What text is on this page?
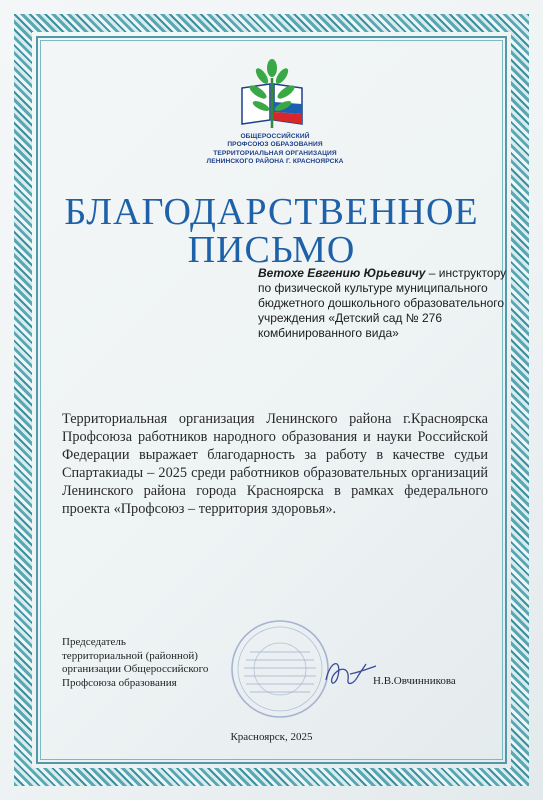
ОБЩЕРОССИЙСКИЙ
ПРОФСОЮЗ ОБРАЗОВАНИЯ
ТЕРРИТОРИАЛЬНАЯ ОРГАНИЗАЦИЯ
ЛЕНИНСКОГО РАЙОНА Г. КРАСНОЯРСКА
БЛАГОДАРСТВЕННОЕ
ПИСЬМО
Ветохе Евгению Юрьевичу – инструктору по физической культуре муниципального бюджетного дошкольного образовательного учреждения «Детский сад № 276 комбинированного вида»
Территориальная организация Ленинского района г.Красноярска Профсоюза работников народного образования и науки Российской Федерации выражает благодарность за работу в качестве судьи Спартакиады – 2025 среди работников образовательных организаций Ленинского района города Красноярска в рамках федерального проекта «Профсоюз – территория здоровья».
Председатель
территориальной (районной)
организации Общероссийского
Профсоюза образования	Н.В.Овчинникова
Красноярск, 2025
